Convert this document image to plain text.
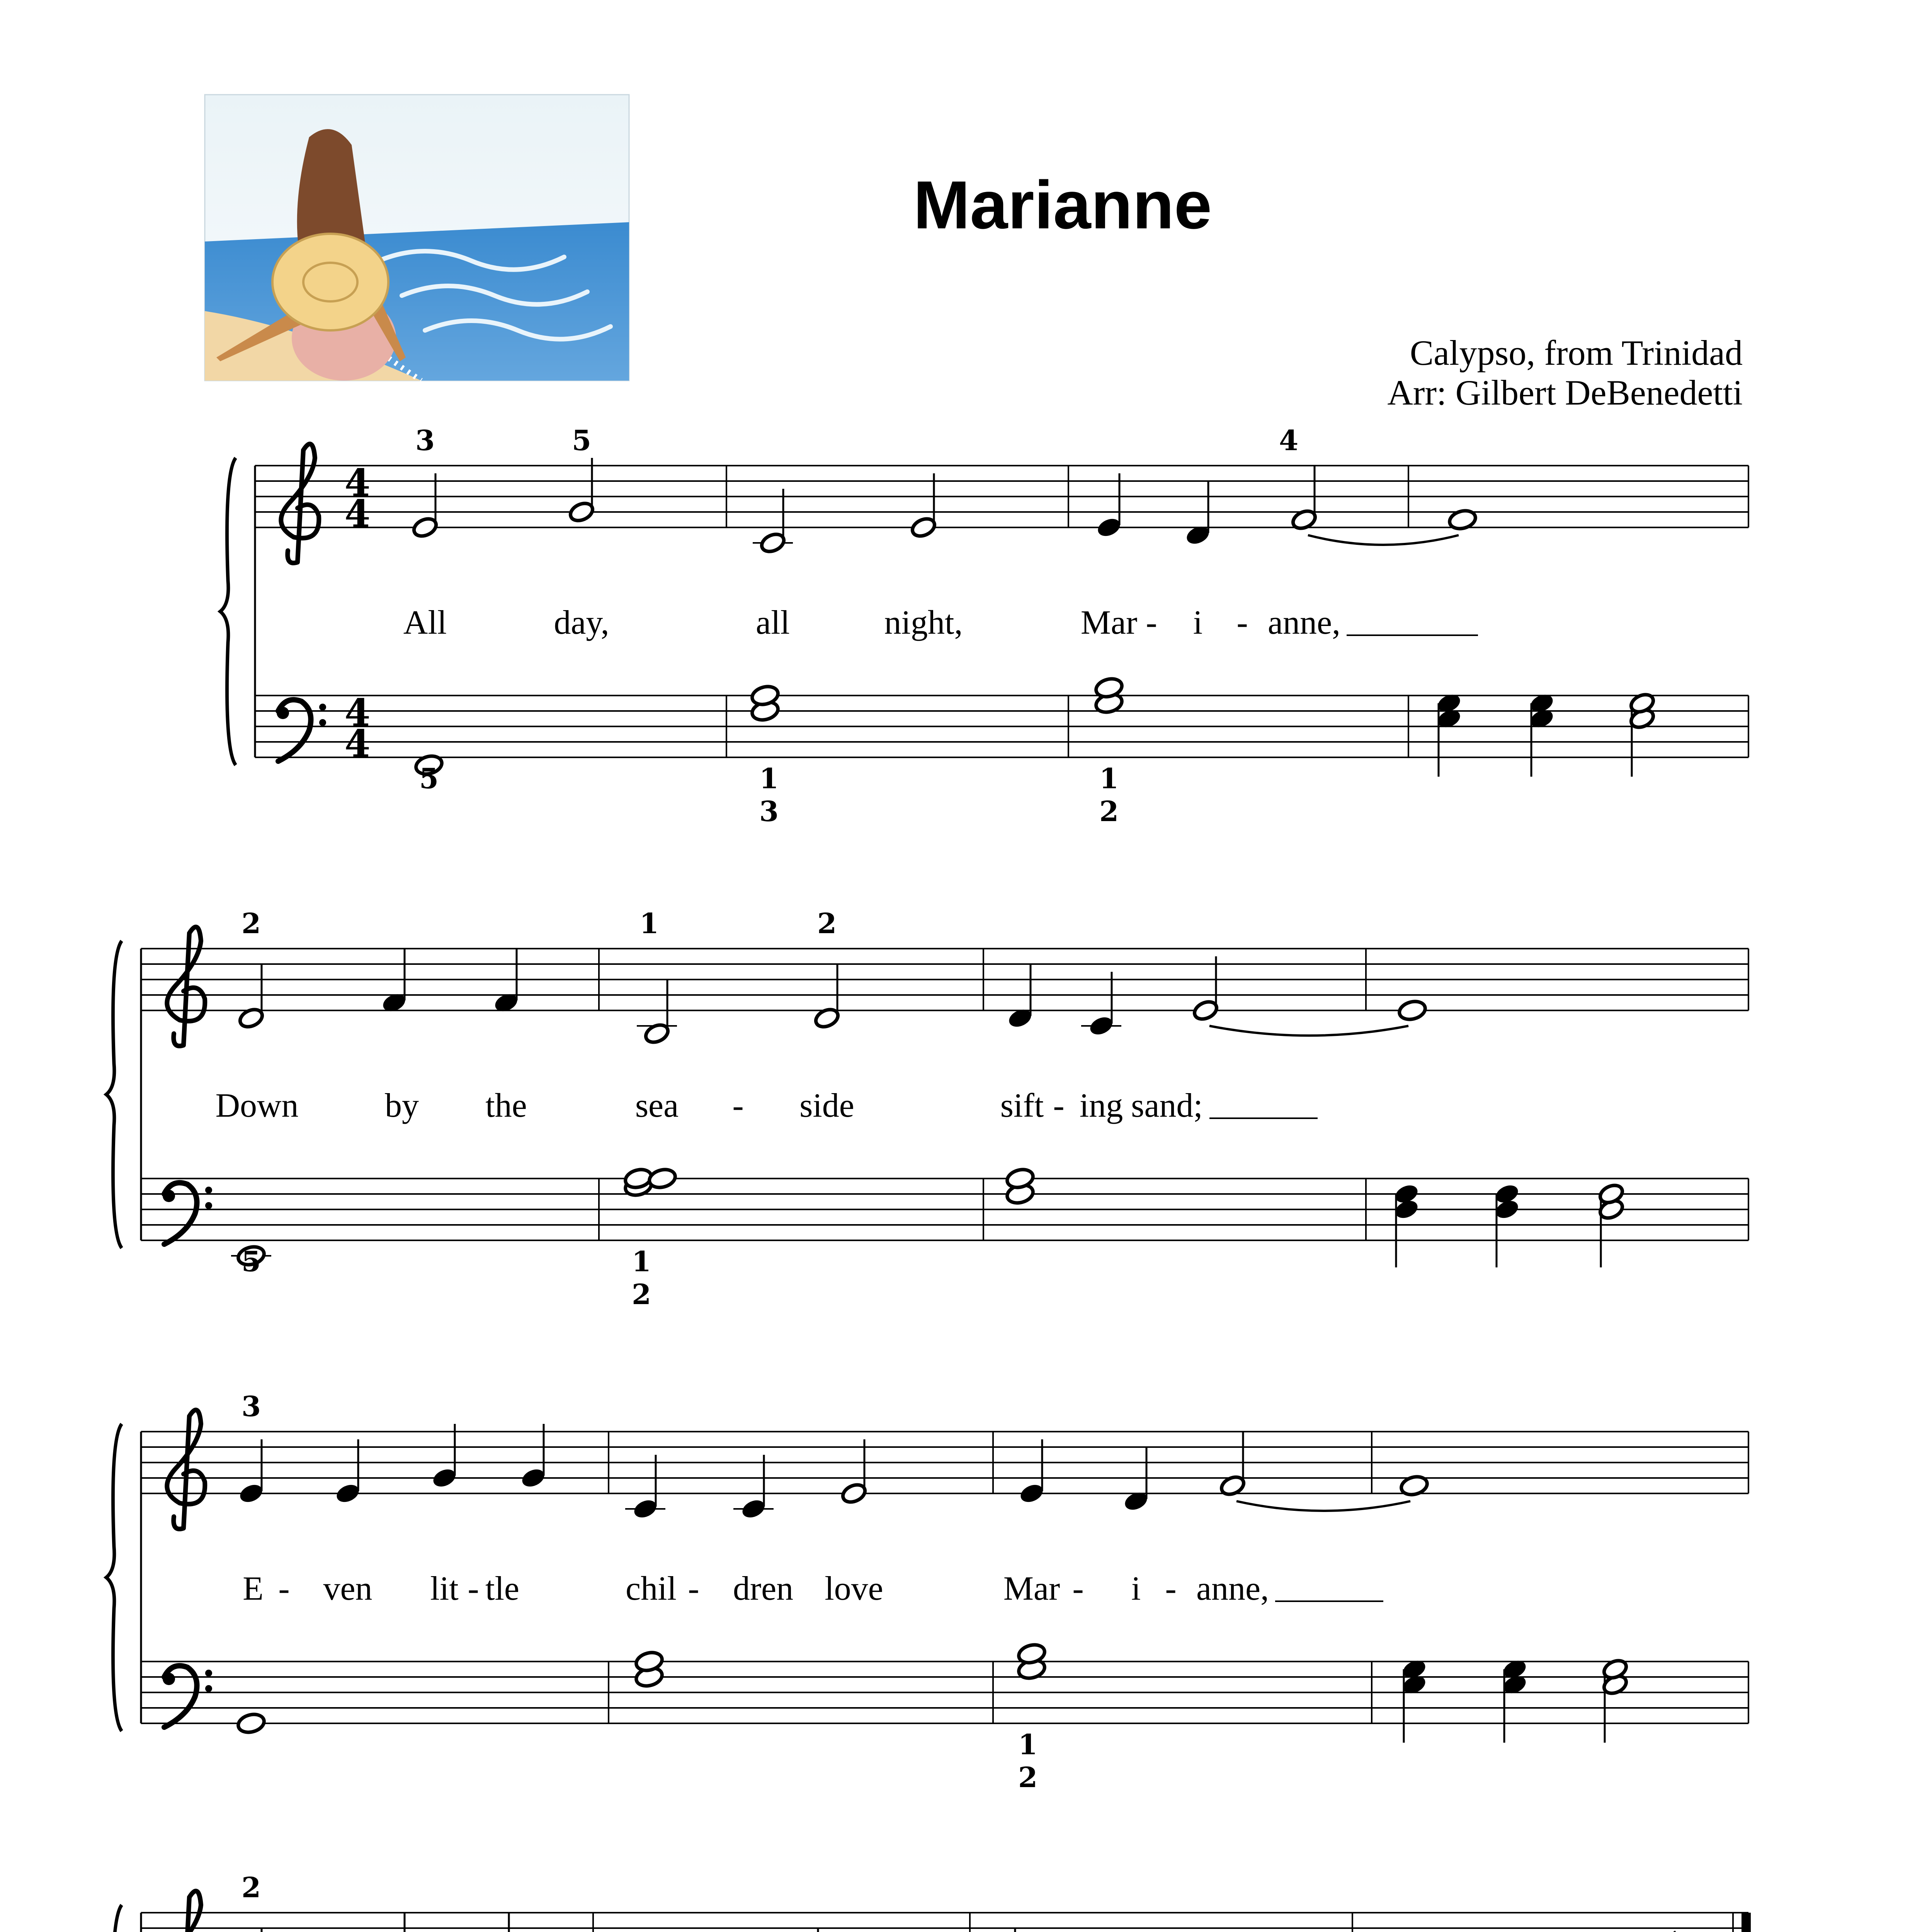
4
4
4
4
3	5	4
All	day,	all	night,	Mar - i - anne,
5	1
3
1
2
2	1	2
Down	by the	sea - side	sift - ing sand;
5	1
2
3
E - ven lit - tle	chil - dren love	Mar - i - anne,
1
2
2
Marianne
Calypso, from Trinidad
Arr: Gilbert DeBenedetti
